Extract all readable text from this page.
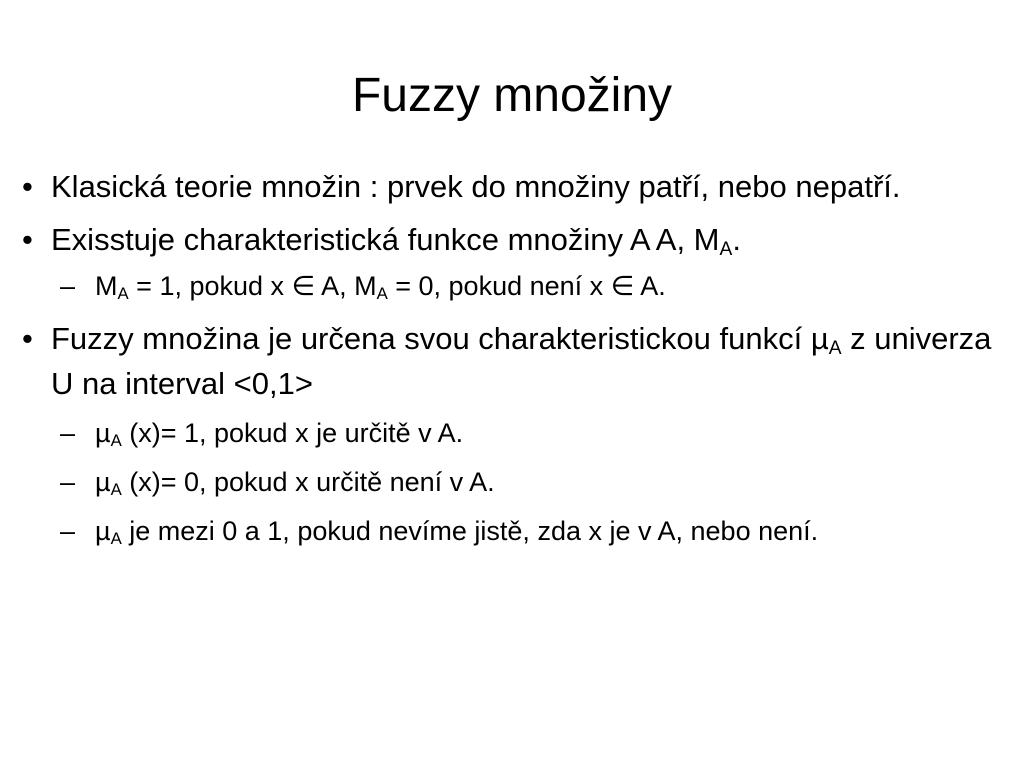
Fuzzy množiny
• Klasická teorie množin : prvek do množiny patří, nebo nepatří.
• Exisstuje charakteristická funkce množiny A A, $M_A$.
– $M_A = 1$, pokud x ∈ A, $M_A = 0$, pokud není x ∈ A.
• Fuzzy množina je určena svou charakteristickou funkcí µ$_A$ z univerza U na interval <0,1>
– µ$_A$ (x)= 1, pokud x je určitě v A.
– µ$_A$ (x)= 0, pokud x určitě není v A.
– µ$_A$ je mezi 0 a 1, pokud nevíme jistě, zda x je v A, nebo není.
